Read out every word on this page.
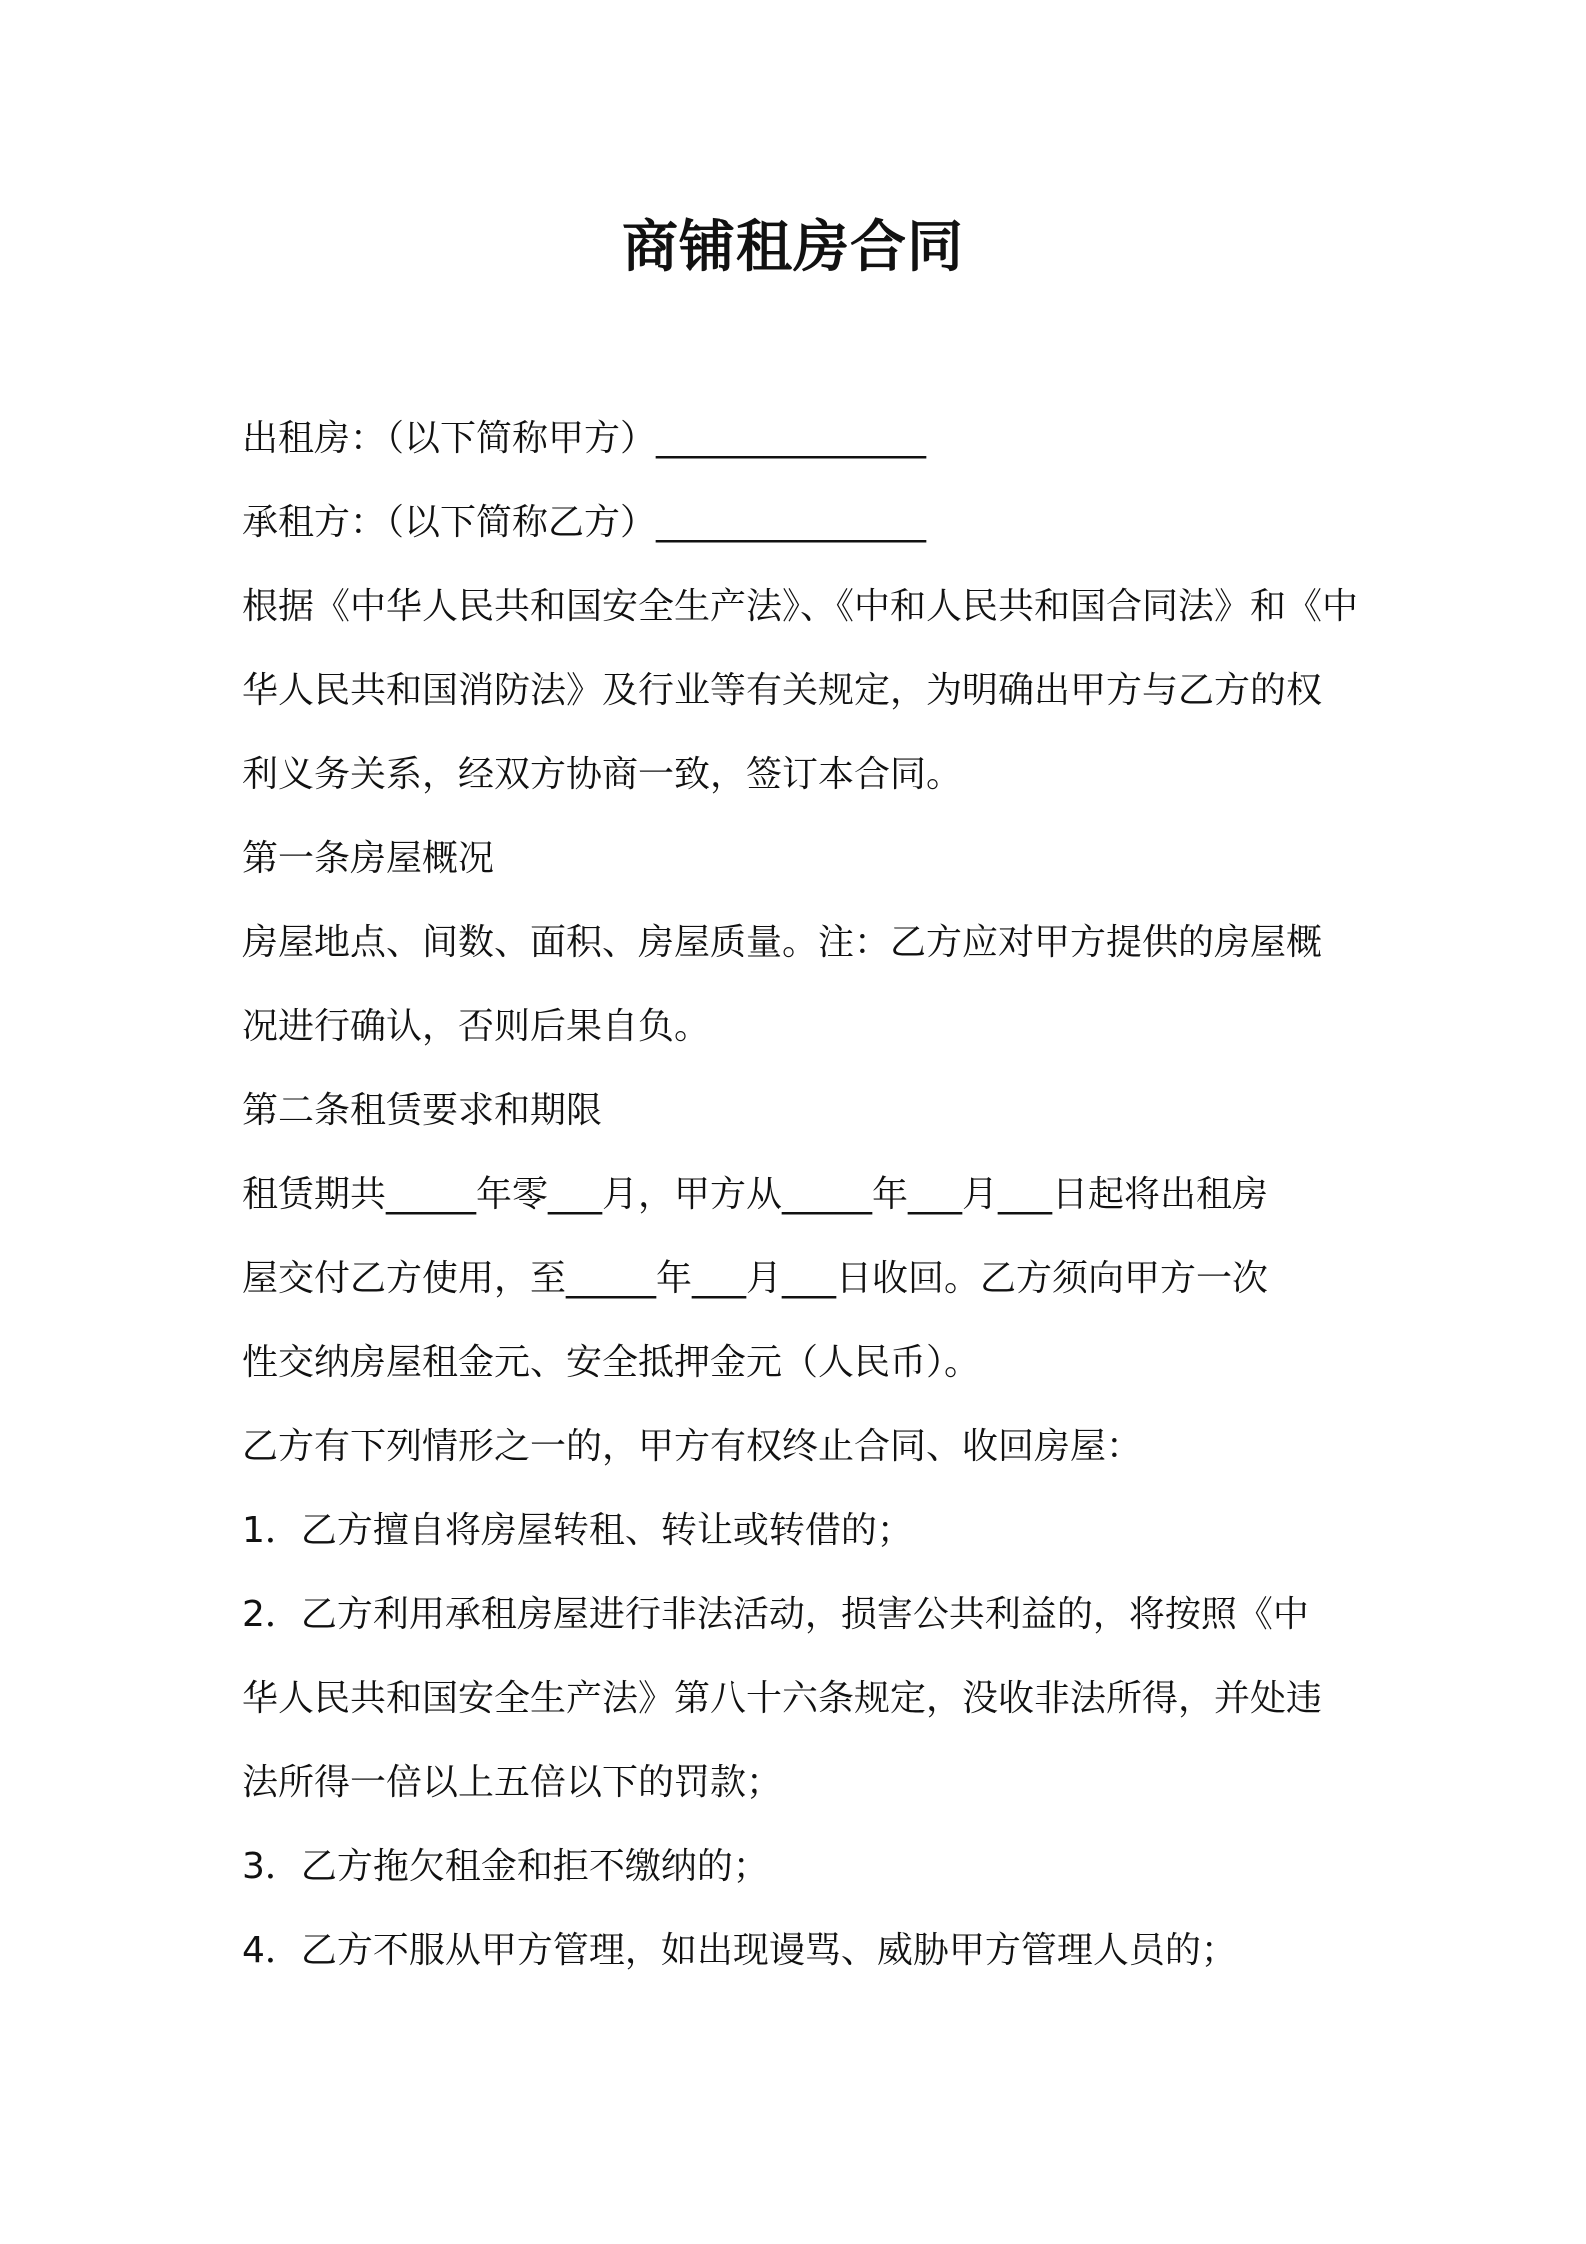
商铺租房合同
出租房：（以下简称甲方）_______________
承租方：（以下简称乙方）_______________
根据《中华人民共和国安全生产法》、《中和人民共和国合同法》和《中
华人民共和国消防法》及行业等有关规定，为明确出甲方与乙方的权
利义务关系，经双方协商一致，签订本合同。
第一条房屋概况
房屋地点、间数、面积、房屋质量。注：乙方应对甲方提供的房屋概
况进行确认，否则后果自负。
第二条租赁要求和期限
租赁期共_____年零___月，甲方从_____年___月___日起将出租房
屋交付乙方使用，至_____年___月___日收回。乙方须向甲方一次
性交纳房屋租金元、安全抵押金元（人民币）。
乙方有下列情形之一的，甲方有权终止合同、收回房屋：
1．乙方擅自将房屋转租、转让或转借的；
2．乙方利用承租房屋进行非法活动，损害公共利益的，将按照《中
华人民共和国安全生产法》第八十六条规定，没收非法所得，并处违
法所得一倍以上五倍以下的罚款；
3．乙方拖欠租金和拒不缴纳的；
4．乙方不服从甲方管理，如出现谩骂、威胁甲方管理人员的；
